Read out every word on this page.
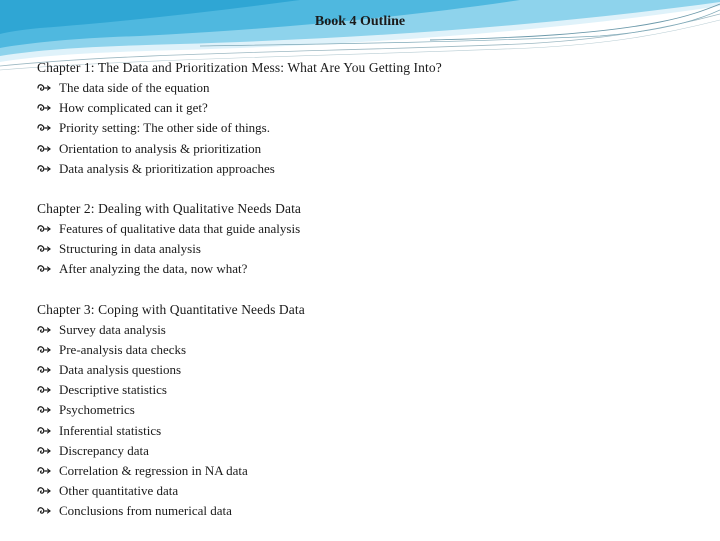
Book 4 Outline
Chapter 1: The Data and Prioritization Mess: What Are You Getting Into?
The data side of the equation
How complicated can it get?
Priority setting: The other side of things.
Orientation to analysis & prioritization
Data analysis & prioritization approaches
Chapter 2: Dealing with Qualitative Needs Data
Features of qualitative data that guide analysis
Structuring in data analysis
After analyzing the data, now what?
Chapter 3: Coping with Quantitative Needs Data
Survey data analysis
Pre-analysis data checks
Data analysis questions
Descriptive statistics
Psychometrics
Inferential statistics
Discrepancy data
Correlation & regression in NA data
Other quantitative data
Conclusions from numerical data
